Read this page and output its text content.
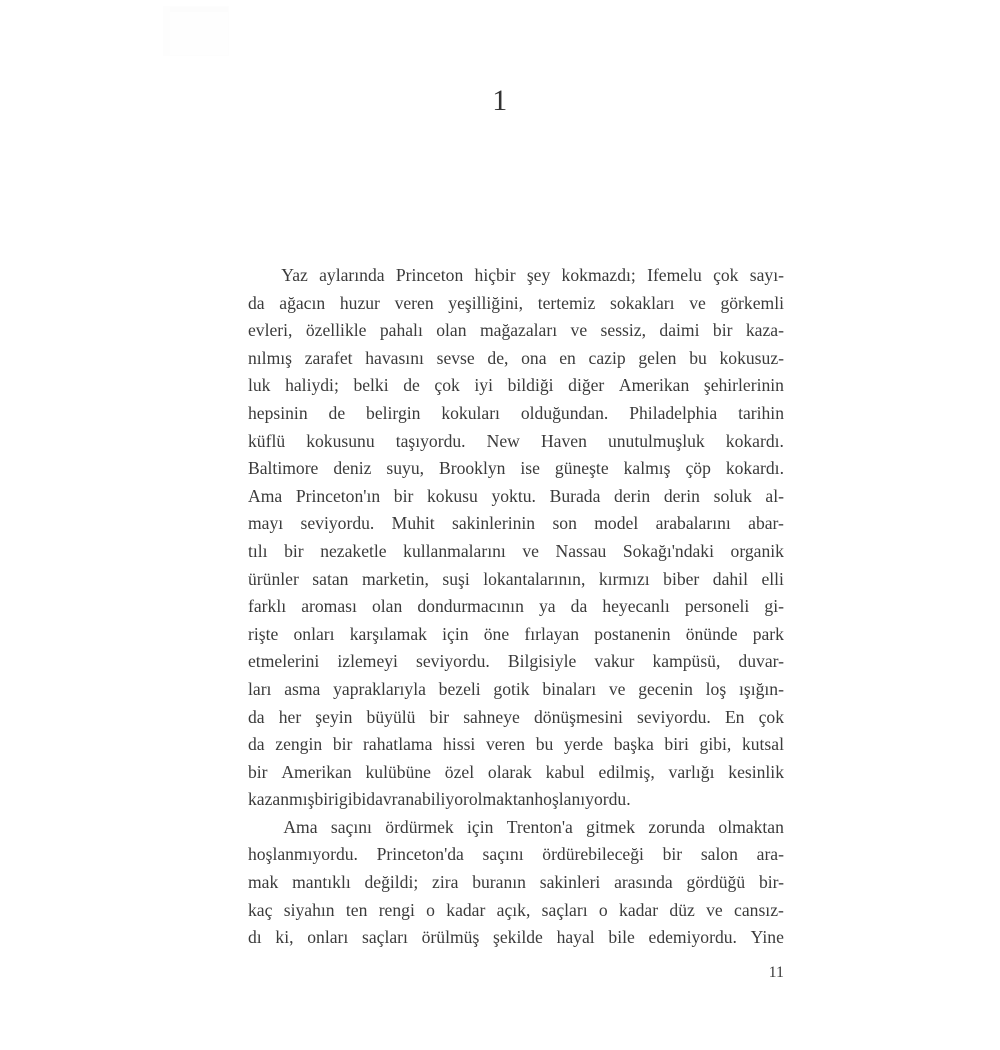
1
Yaz aylarında Princeton hiçbir şey kokmazdı; Ifemelu çok sayı-
da ağacın huzur veren yeşilliğini, tertemiz sokakları ve görkemli
evleri, özellikle pahalı olan mağazaları ve sessiz, daimi bir kaza-
nılmış zarafet havasını sevse de, ona en cazip gelen bu kokusuz-
luk haliydi; belki de çok iyi bildiği diğer Amerikan şehirlerinin
hepsinin de belirgin kokuları olduğundan. Philadelphia tarihin
küflü kokusunu taşıyordu. New Haven unutulmuşluk kokardı.
Baltimore deniz suyu, Brooklyn ise güneşte kalmış çöp kokardı.
Ama Princeton'ın bir kokusu yoktu. Burada derin derin soluk al-
mayı seviyordu. Muhit sakinlerinin son model arabalarını abar-
tılı bir nezaketle kullanmalarını ve Nassau Sokağı'ndaki organik
ürünler satan marketin, suşi lokantalarının, kırmızı biber dahil elli
farklı aroması olan dondurmacının ya da heyecanlı personeli gi-
rişte onları karşılamak için öne fırlayan postanenin önünde park
etmelerini izlemeyi seviyordu. Bilgisiyle vakur kampüsü, duvar-
ları asma yapraklarıyla bezeli gotik binaları ve gecenin loş ışığın-
da her şeyin büyülü bir sahneye dönüşmesini seviyordu. En çok
da zengin bir rahatlama hissi veren bu yerde başka biri gibi, kutsal
bir Amerikan kulübüne özel olarak kabul edilmiş, varlığı kesinlik
kazanmış biri gibi davranabiliyor olmaktan hoşlanıyordu.
Ama saçını ördürmek için Trenton'a gitmek zorunda olmaktan
hoşlanmıyordu. Princeton'da saçını ördürebileceği bir salon ara-
mak mantıklı değildi; zira buranın sakinleri arasında gördüğü bir-
kaç siyahın ten rengi o kadar açık, saçları o kadar düz ve cansız-
dı ki, onları saçları örülmüş şekilde hayal bile edemiyordu. Yine
11
